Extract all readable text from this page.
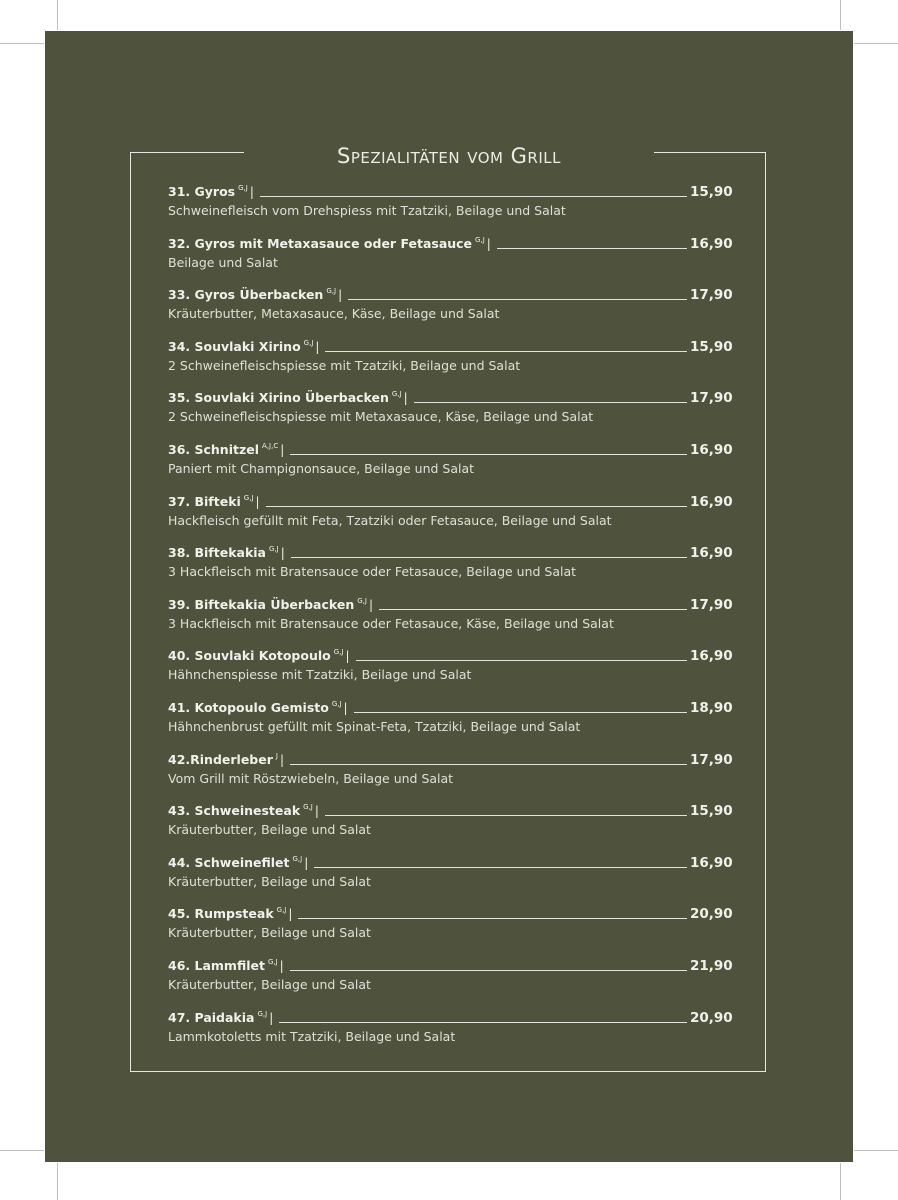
Spezialitäten vom Grill
31. Gyros $^{G,J}$ |	15,90
Schweinefleisch vom Drehspiess mit Tzatziki, Beilage und Salat
32. Gyros mit Metaxasauce oder Fetasauce $^{G,J}$ |	16,90
Beilage und Salat
33. Gyros Überbacken $^{G,J}$ |	17,90
Kräuterbutter, Metaxasauce, Käse, Beilage und Salat
34. Souvlaki Xirino $^{G,J}$ |	15,90
2 Schweinefleischspiesse mit Tzatziki, Beilage und Salat
35. Souvlaki Xirino Überbacken $^{G,J}$ |	17,90
2 Schweinefleischspiesse mit Metaxasauce, Käse, Beilage und Salat
36. Schnitzel $^{A,J,C}$ |	16,90
Paniert mit Champignonsauce, Beilage und Salat
37. Bifteki $^{G,J}$ |	16,90
Hackfleisch gefüllt mit Feta, Tzatziki oder Fetasauce, Beilage und Salat
38. Biftekakia $^{G,J}$ |	16,90
3 Hackfleisch mit Bratensauce oder Fetasauce, Beilage und Salat
39. Biftekakia Überbacken $^{G,J}$ |	17,90
3 Hackfleisch mit Bratensauce oder Fetasauce, Käse, Beilage und Salat
40. Souvlaki Kotopoulo $^{G,J}$ |	16,90
Hähnchenspiesse mit Tzatziki, Beilage und Salat
41. Kotopoulo Gemisto $^{G,J}$ |	18,90
Hähnchenbrust gefüllt mit Spinat-Feta, Tzatziki, Beilage und Salat
42.Rinderleber $^J$ |	17,90
Vom Grill mit Röstzwiebeln, Beilage und Salat
43. Schweinesteak $^{G,J}$ |	15,90
Kräuterbutter, Beilage und Salat
44. Schweinefilet $^{G,J}$ |	16,90
Kräuterbutter, Beilage und Salat
45. Rumpsteak $^{G,J}$ |	20,90
Kräuterbutter, Beilage und Salat
46. Lammfilet $^{G,J}$ |	21,90
Kräuterbutter, Beilage und Salat
47. Paidakia $^{G,J}$ |	20,90
Lammkotoletts mit Tzatziki, Beilage und Salat
